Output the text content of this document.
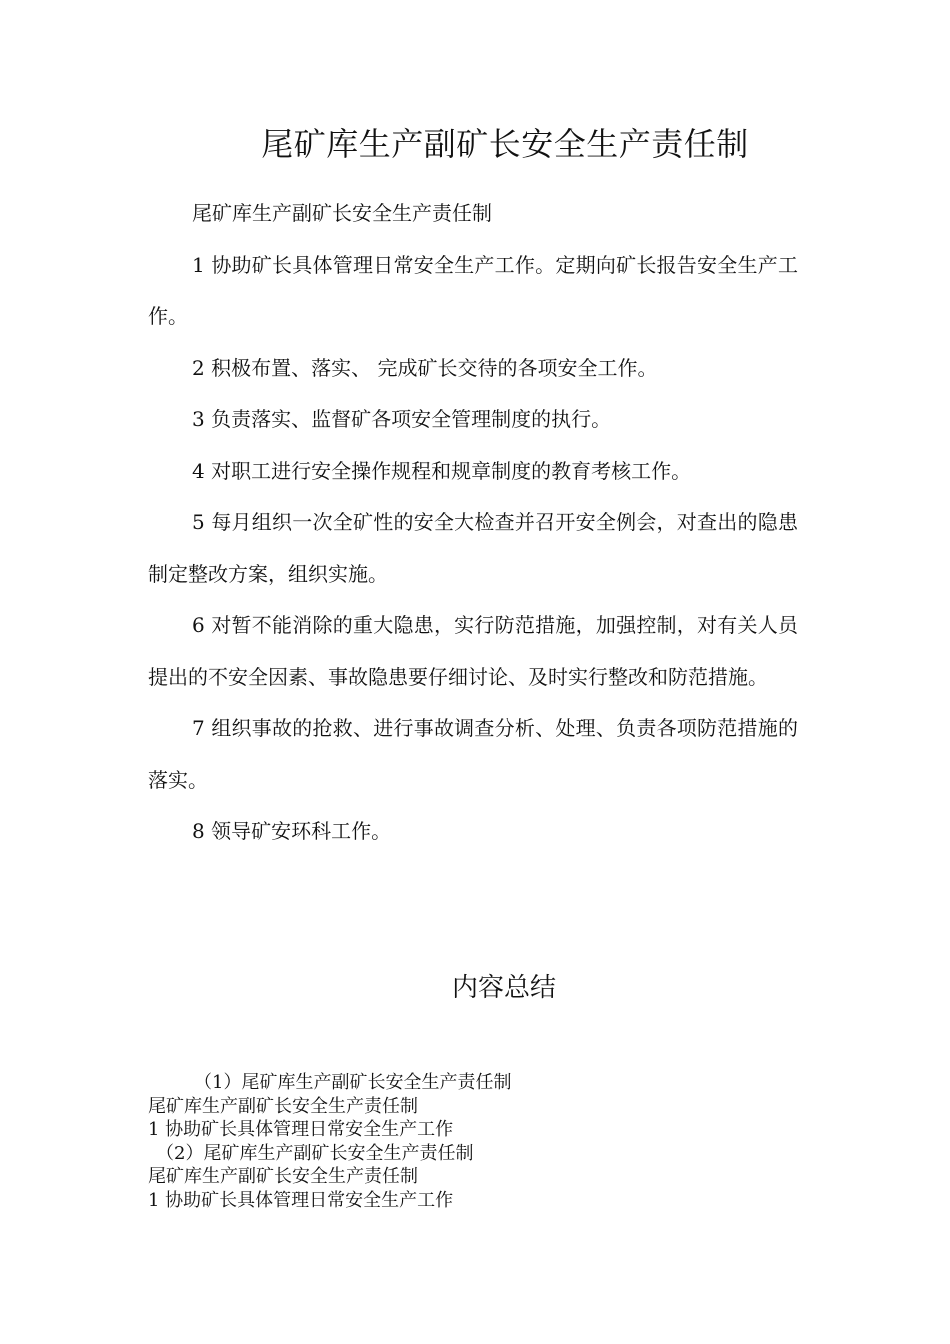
尾矿库生产副矿长安全生产责任制

尾矿库生产副矿长安全生产责任制

1 协助矿长具体管理日常安全生产工作。定期向矿长报告安全生产工作。

2 积极布置、落实、 完成矿长交待的各项安全工作。

3 负责落实、监督矿各项安全管理制度的执行。

4 对职工进行安全操作规程和规章制度的教育考核工作。

5 每月组织一次全矿性的安全大检查并召开安全例会，对查出的隐患制定整改方案，组织实施。

6 对暂不能消除的重大隐患，实行防范措施，加强控制，对有关人员提出的不安全因素、事故隐患要仔细讨论、及时实行整改和防范措施。

7 组织事故的抢救、进行事故调查分析、处理、负责各项防范措施的落实。

8 领导矿安环科工作。

内容总结
（1）尾矿库生产副矿长安全生产责任制
尾矿库生产副矿长安全生产责任制
1 协助矿长具体管理日常安全生产工作
（2）尾矿库生产副矿长安全生产责任制
尾矿库生产副矿长安全生产责任制
1 协助矿长具体管理日常安全生产工作
